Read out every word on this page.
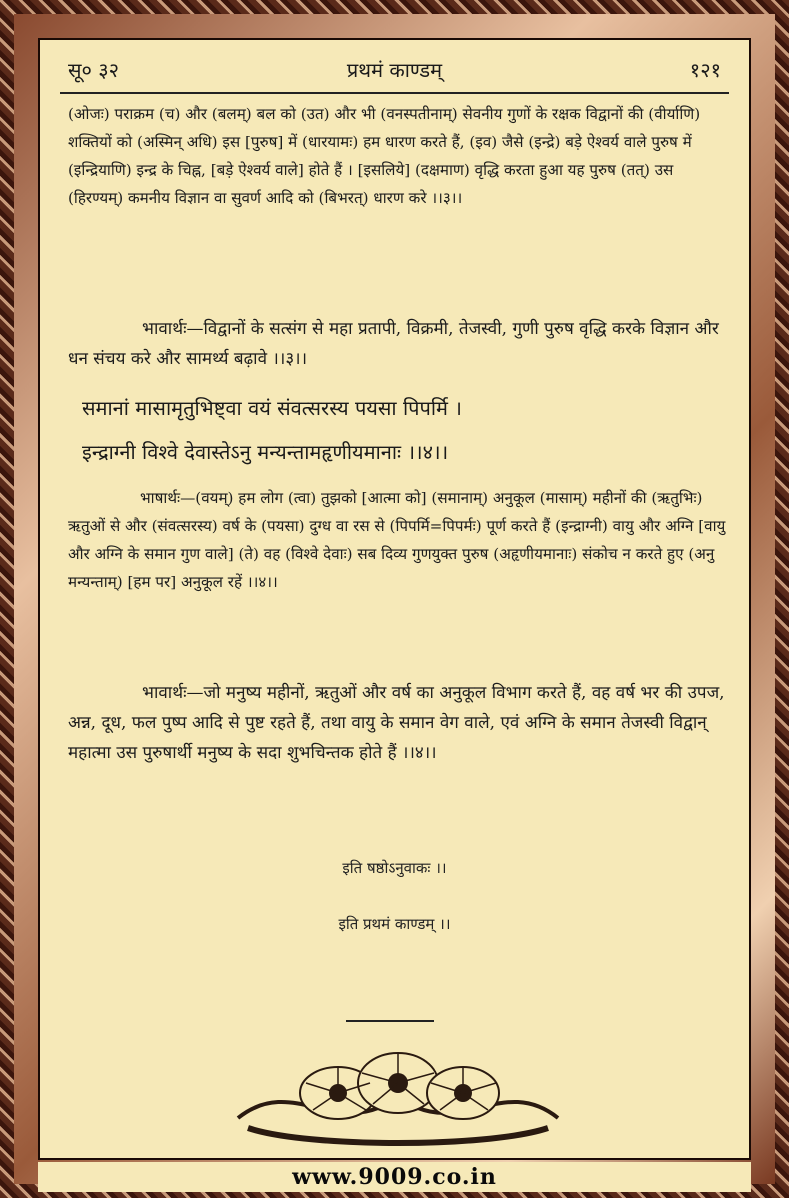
सू० ३२	प्रथमं काण्डम्	१२१
(ओजः) पराक्रम (च) और (बलम्) बल को (उत) और भी (वनस्पतीनाम्) सेवनीय गुणों के रक्षक विद्वानों की (वीर्याणि) शक्तियों को (अस्मिन् अधि) इस [पुरुष] में (धारयामः) हम धारण करते हैं, (इव) जैसे (इन्द्रे) बड़े ऐश्वर्य वाले पुरुष में (इन्द्रियाणि) इन्द्र के चिह्न, [बड़े ऐश्वर्य वाले] होते हैं । [इसलिये] (दक्षमाण) वृद्धि करता हुआ यह पुरुष (तत्) उस (हिरण्यम्) कमनीय विज्ञान वा सुवर्ण आदि को (बिभरत्) धारण करे ।।३।।
भावार्थः—विद्वानों के सत्संग से महा प्रतापी, विक्रमी, तेजस्वी, गुणी पुरुष वृद्धि करके विज्ञान और धन संचय करे और सामर्थ्य बढ़ावे ।।३।।
समानां मासामृतुभिष्ट्वा वयं संवत्सरस्य पयसा पिपर्मि ।
इन्द्राग्नी विश्वे देवास्तेऽनु मन्यन्तामहृणीयमानाः ।।४।।
भाषार्थः—(वयम्) हम लोग (त्वा) तुझको [आत्मा को] (समानाम्) अनुकूल (मासाम्) महीनों की (ऋतुभिः) ऋतुओं से और (संवत्सरस्य) वर्ष के (पयसा) दुग्ध वा रस से (पिपर्मि=पिपर्मः) पूर्ण करते हैं (इन्द्राग्नी) वायु और अग्नि [वायु और अग्नि के समान गुण वाले] (ते) वह (विश्वे देवाः) सब दिव्य गुणयुक्त पुरुष (अहृणीयमानाः) संकोच न करते हुए (अनु मन्यन्ताम्) [हम पर] अनुकूल रहें ।।४।।
भावार्थः—जो मनुष्य महीनों, ऋतुओं और वर्ष का अनुकूल विभाग करते हैं, वह वर्ष भर की उपज, अन्न, दूध, फल पुष्प आदि से पुष्ट रहते हैं, तथा वायु के समान वेग वाले, एवं अग्नि के समान तेजस्वी विद्वान् महात्मा उस पुरुषार्थी मनुष्य के सदा शुभचिन्तक होते हैं ।।४।।
इति षष्ठोऽनुवाकः ।।
इति प्रथमं काण्डम् ।।
www.9009.co.in
